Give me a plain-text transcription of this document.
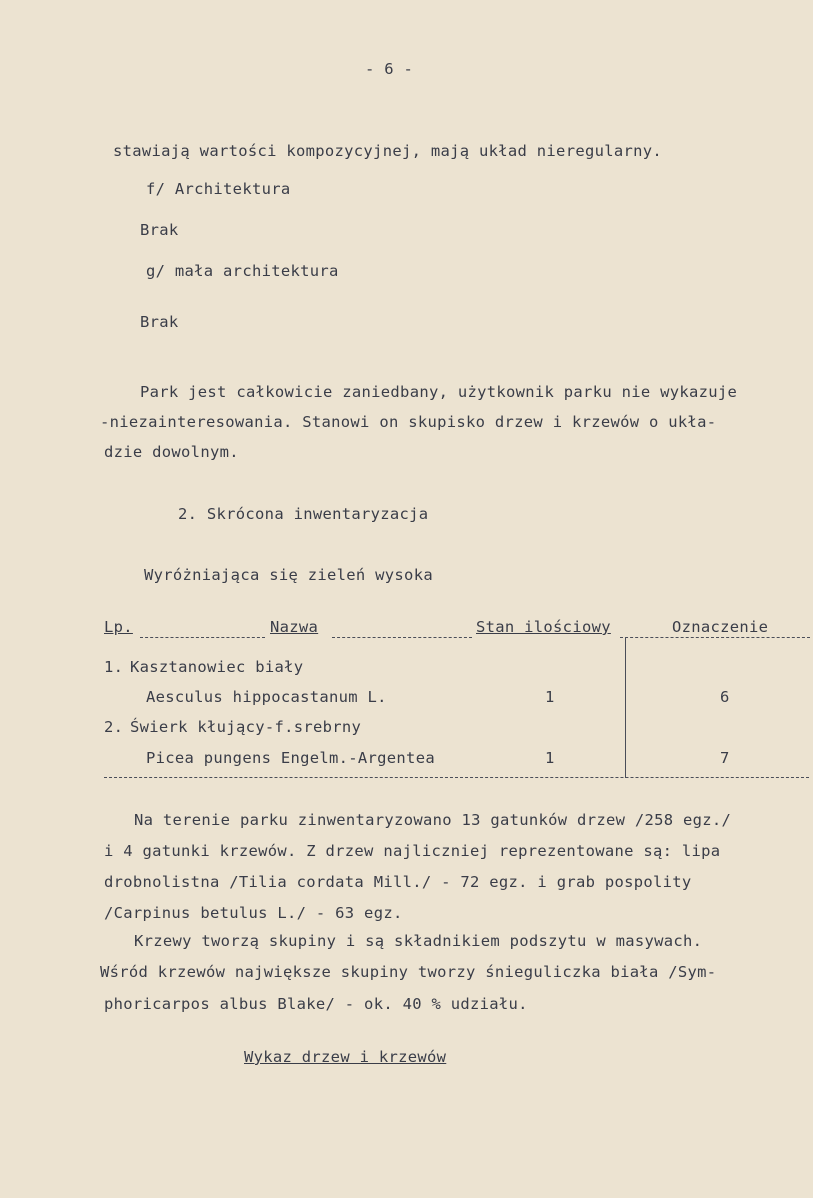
- 6 -
stawiają wartości kompozycyjnej, mają układ nieregularny.
f/ Architektura
Brak
g/ mała architektura
Brak
Park jest całkowicie zaniedbany, użytkownik parku nie wykazuje
-niezainteresowania. Stanowi on skupisko drzew i krzewów o ukła-
dzie dowolnym.
2. Skrócona inwentaryzacja
Wyróżniająca się zieleń wysoka
Lp.	Nazwa	Stan ilościowy	Oznaczenie
1. Kasztanowiec biały
Aesculus hippocastanum L.	1	6
2. Świerk kłujący-f.srebrny
Picea pungens Engelm.-Argentea	1	7
Na terenie parku zinwentaryzowano 13 gatunków drzew /258 egz./
i 4 gatunki krzewów. Z drzew najliczniej reprezentowane są: lipa
drobnolistna /Tilia cordata Mill./ - 72 egz. i grab pospolity
/Carpinus betulus L./ - 63 egz.
Krzewy tworzą skupiny i są składnikiem podszytu w masywach.
Wśród krzewów największe skupiny tworzy śnieguliczka biała /Sym-
phoricarpos albus Blake/ - ok. 40 % udziału.
Wykaz drzew i krzewów
